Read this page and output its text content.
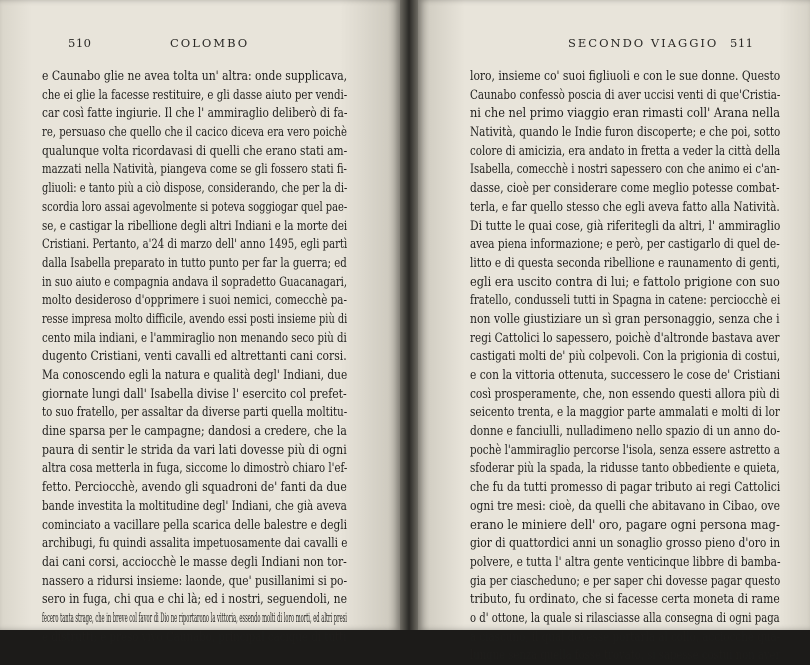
510	COLOMBO
e Caunabo glie ne avea tolta un' altra: onde supplicava,
che ei glie la facesse restituire, e gli dasse aiuto per vendi-
car così fatte ingiurie. Il che l' ammiraglio deliberò di fa-
re, persuaso che quello che il cacico diceva era vero poichè
qualunque volta ricordavasi di quelli che erano stati am-
mazzati nella Natività, piangeva come se gli fossero stati fi-
gliuoli: e tanto più a ciò dispose, considerando, che per la di-
scordia loro assai agevolmente si poteva soggiogar quel pae-
se, e castigar la ribellione degli altri Indiani e la morte dei
Cristiani. Pertanto, a'24 di marzo dell' anno 1495, egli partì
dalla Isabella preparato in tutto punto per far la guerra; ed
in suo aiuto e compagnia andava il sopradetto Guacanagari,
molto desideroso d'opprimere i suoi nemici, comecchè pa-
resse impresa molto difficile, avendo essi posti insieme più di
cento mila indiani, e l'ammiraglio non menando seco più di
dugento Cristiani, venti cavalli ed altrettanti cani corsi.
Ma conoscendo egli la natura e qualità degl' Indiani, due
giornate lungi dall' Isabella divise l' esercito col prefet-
to suo fratello, per assaltar da diverse parti quella moltitu-
dine sparsa per le campagne; dandosi a credere, che la
paura di sentir le strida da vari lati dovesse più di ogni
altra cosa metterla in fuga, siccome lo dimostrò chiaro l'ef-
fetto. Perciocchè, avendo gli squadroni de' fanti da due
bande investita la moltitudine degl' Indiani, che già aveva
cominciato a vacillare pella scarica delle balestre e degli
archibugi, fu quindi assalita impetuosamente dai cavalli e
dai cani corsi, acciocchè le masse degli Indiani non tor-
nassero a ridursi insieme: laonde, que' pusillanimi si po-
sero in fuga, chi qua e chi là; ed i nostri, seguendoli, ne
fecero tanta strage, che in breve col favor di Dio ne riportarono la vittoria, essendo molti di loro morti, ed altri presi
e distrutti; e preso vivo Caunabo, principal cacique di tutti
SECONDO VIAGGIO 511
loro, insieme co' suoi figliuoli e con le sue donne. Questo
Caunabo confessò poscia di aver uccisi venti di que'Cristia-
ni che nel primo viaggio eran rimasti coll' Arana nella
Natività, quando le Indie furon discoperte; e che poi, sotto
colore di amicizia, era andato in fretta a veder la città della
Isabella, comecchè i nostri sapessero con che animo ei c'an-
dasse, cioè per considerare come meglio potesse combat-
terla, e far quello stesso che egli aveva fatto alla Natività.
Di tutte le quai cose, già riferitegli da altri, l' ammiraglio
avea piena informazione; e però, per castigarlo di quel de-
litto e di questa seconda ribellione e raunamento di genti,
egli era uscito contra di lui; e fattolo prigione con suo
fratello, condusseli tutti in Spagna in catene: perciocchè ei
non volle giustiziare un sì gran personaggio, senza che i
regi Cattolici lo sapessero, poichè d'altronde bastava aver
castigati molti de' più colpevoli. Con la prigionia di costui,
e con la vittoria ottenuta, successero le cose de' Cristiani
così prosperamente, che, non essendo questi allora più di
seicento trenta, e la maggior parte ammalati e molti di lor
donne e fanciulli, nulladimeno nello spazio di un anno do-
pochè l'ammiraglio percorse l'isola, senza essere astretto a
sfoderar più la spada, la ridusse tanto obbediente e quieta,
che fu da tutti promesso di pagar tributo ai regi Cattolici
ogni tre mesi: cioè, da quelli che abitavano in Cibao, ove
erano le miniere dell' oro, pagare ogni persona mag-
gior di quattordici anni un sonaglio grosso pieno d'oro in
polvere, e tutta l' altra gente venticinque libbre di bamba-
gia per ciascheduno; e per saper chi dovesse pagar questo
tributo, fu ordinato, che si facesse certa moneta di rame
o d' ottone, la quale si rilasciasse alla consegna di ogni paga
a ciascuno, il qual dovesse portarla al collo, acciocchè qua-
lunque senza quella fosse trovato, si sapesse costui non aver
